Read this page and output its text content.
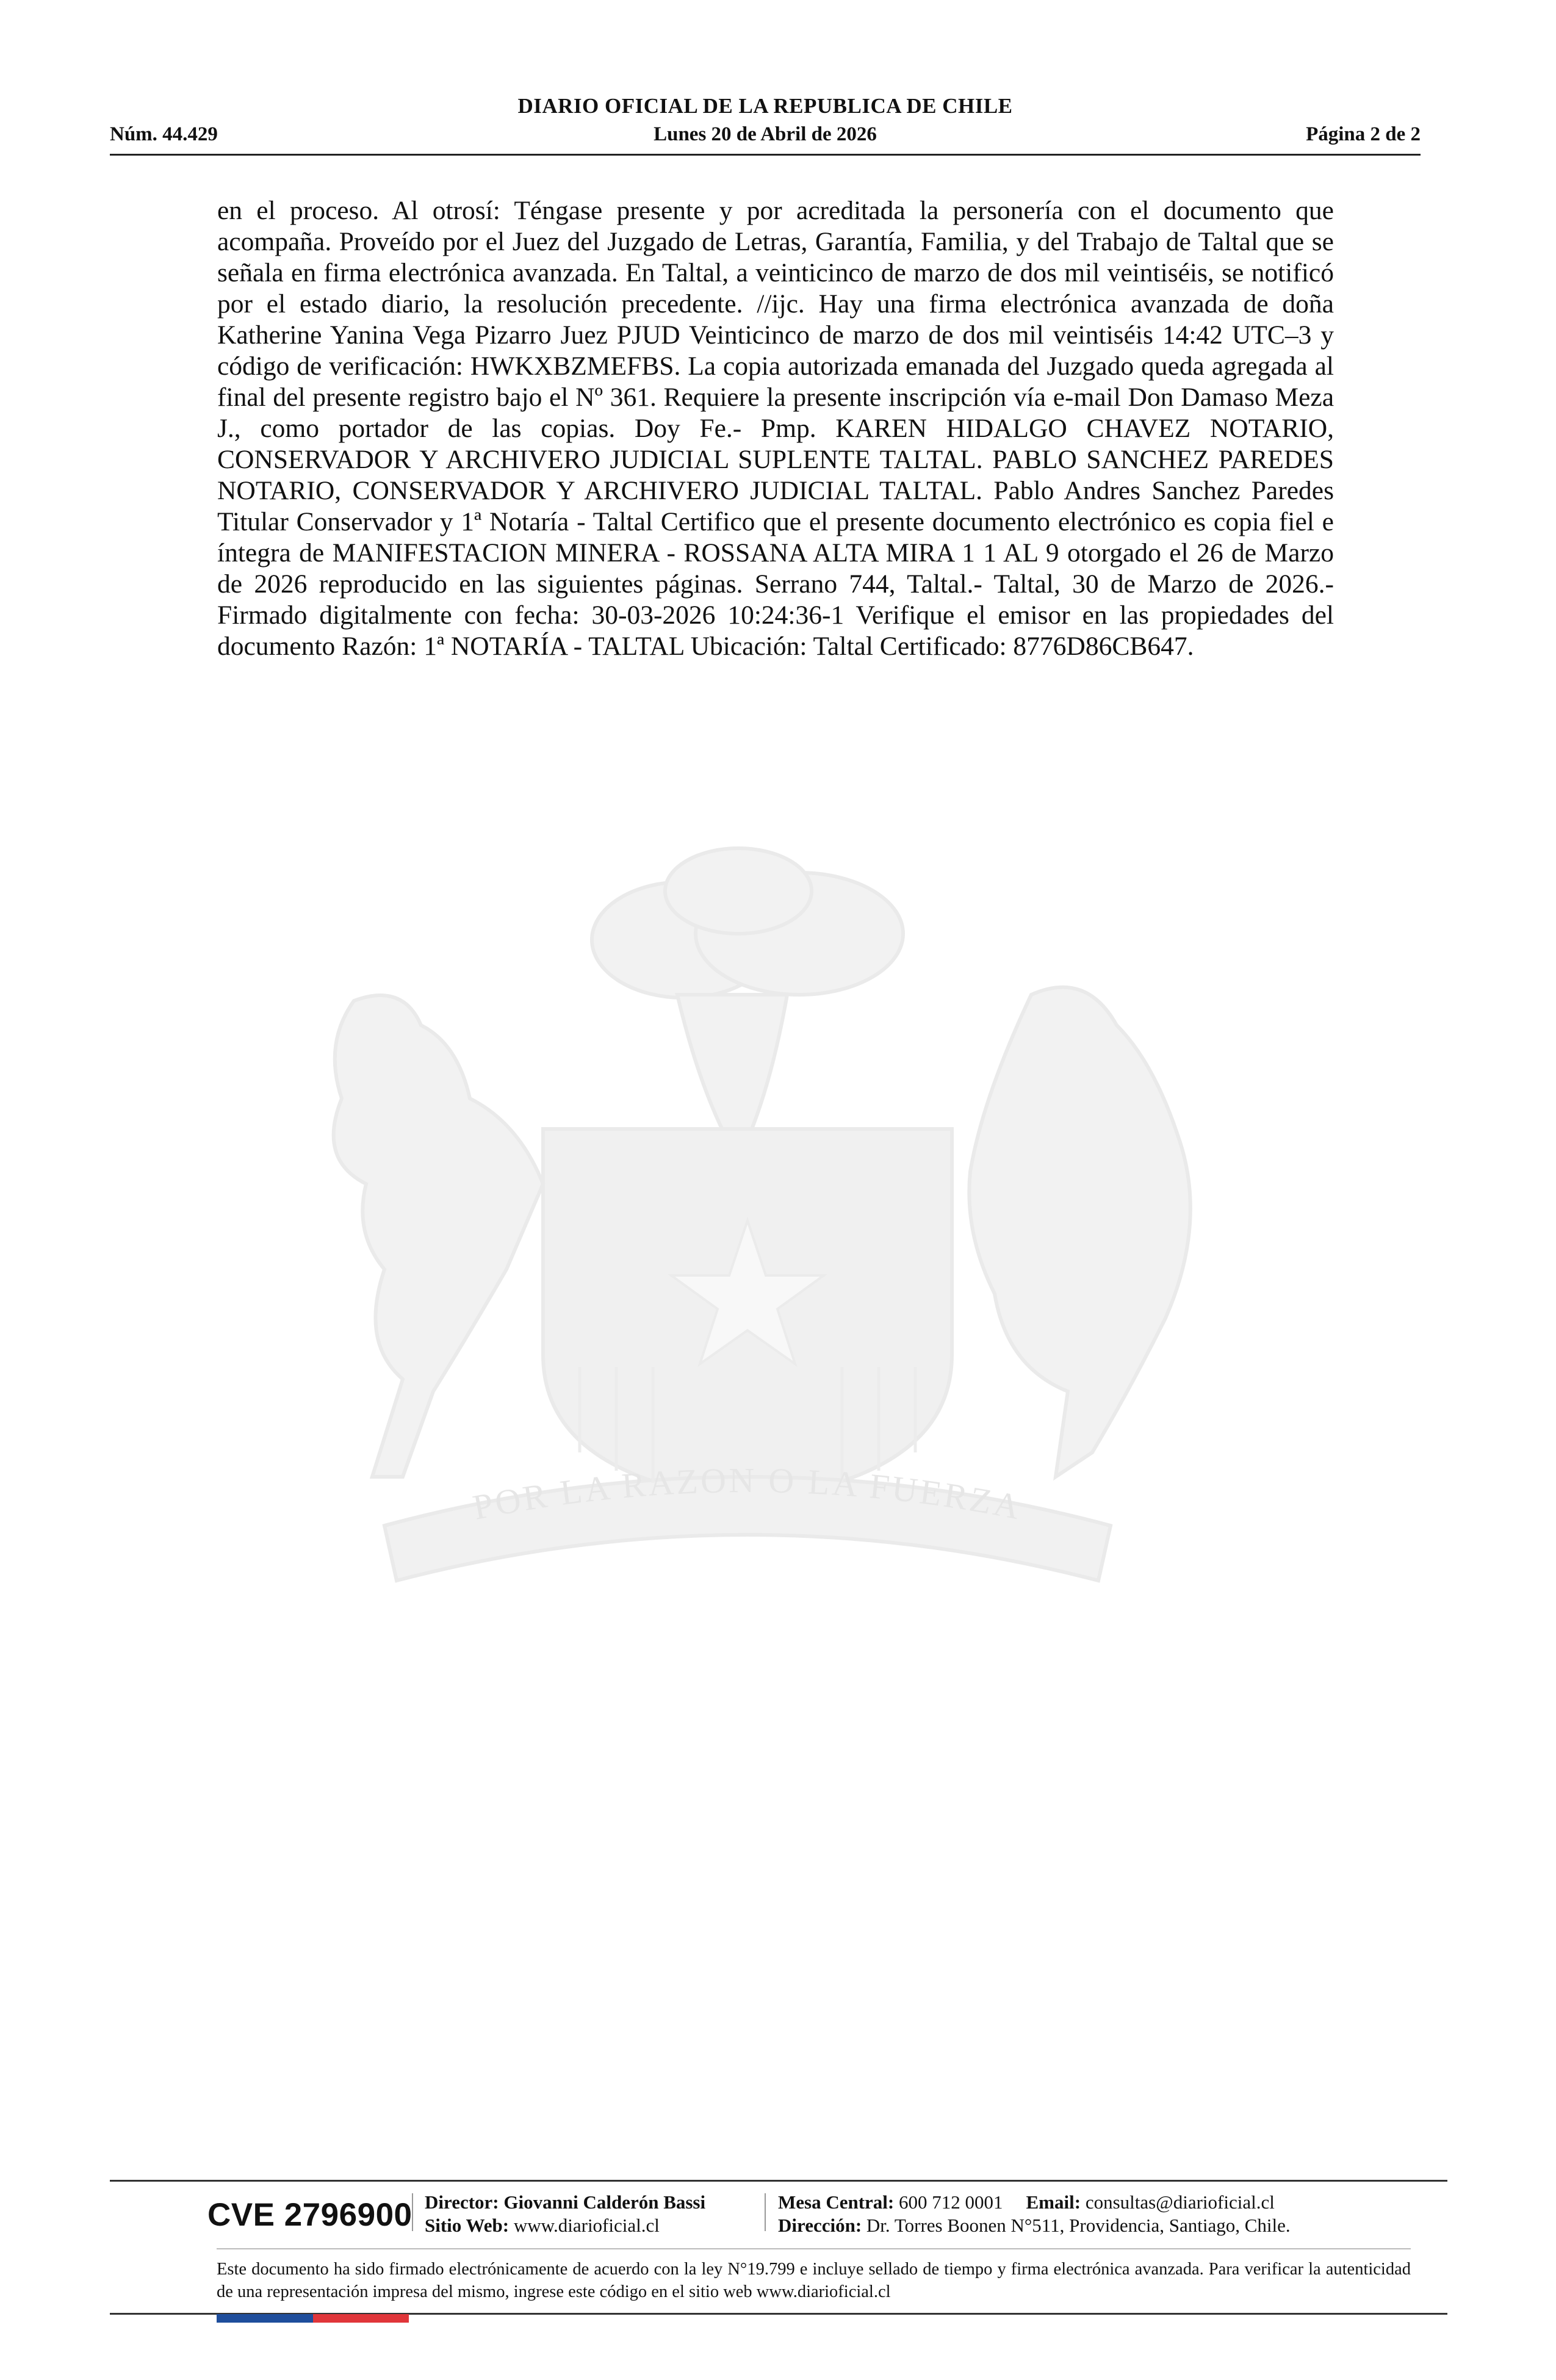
DIARIO OFICIAL DE LA REPUBLICA DE CHILE
Núm. 44.429	Lunes 20 de Abril de 2026	Página 2 de 2
en el proceso. Al otrosí: Téngase presente y por acreditada la personería con el documento que acompaña. Proveído por el Juez del Juzgado de Letras, Garantía, Familia, y del Trabajo de Taltal que se señala en firma electrónica avanzada. En Taltal, a veinticinco de marzo de dos mil veintiséis, se notificó por el estado diario, la resolución precedente. //ijc. Hay una firma electrónica avanzada de doña Katherine Yanina Vega Pizarro Juez PJUD Veinticinco de marzo de dos mil veintiséis 14:42 UTC–3 y código de verificación: HWKXBZMEFBS. La copia autorizada emanada del Juzgado queda agregada al final del presente registro bajo el Nº 361. Requiere la presente inscripción vía e-mail Don Damaso Meza J., como portador de las copias. Doy Fe.- Pmp. KAREN HIDALGO CHAVEZ NOTARIO, CONSERVADOR Y ARCHIVERO JUDICIAL SUPLENTE TALTAL. PABLO SANCHEZ PAREDES NOTARIO, CONSERVADOR Y ARCHIVERO JUDICIAL TALTAL. Pablo Andres Sanchez Paredes Titular Conservador y 1ª Notaría - Taltal Certifico que el presente documento electrónico es copia fiel e íntegra de MANIFESTACION MINERA - ROSSANA ALTA MIRA 1 1 AL 9 otorgado el 26 de Marzo de 2026 reproducido en las siguientes páginas. Serrano 744, Taltal.- Taltal, 30 de Marzo de 2026.- Firmado digitalmente con fecha: 30-03-2026 10:24:36-1 Verifique el emisor en las propiedades del documento Razón: 1ª NOTARÍA - TALTAL Ubicación: Taltal Certificado: 8776D86CB647.
POR LA RAZON O LA FUERZA
CVE 2796900 Director: Giovanni Calderón Bassi
Sitio Web: www.diarioficial.cl
Mesa Central: 600 712 0001 Email: consultas@diarioficial.cl
Dirección: Dr. Torres Boonen N°511, Providencia, Santiago, Chile.
Este documento ha sido firmado electrónicamente de acuerdo con la ley N°19.799 e incluye sellado de tiempo y firma electrónica avanzada. Para verificar la autenticidad de una representación impresa del mismo, ingrese este código en el sitio web www.diarioficial.cl
